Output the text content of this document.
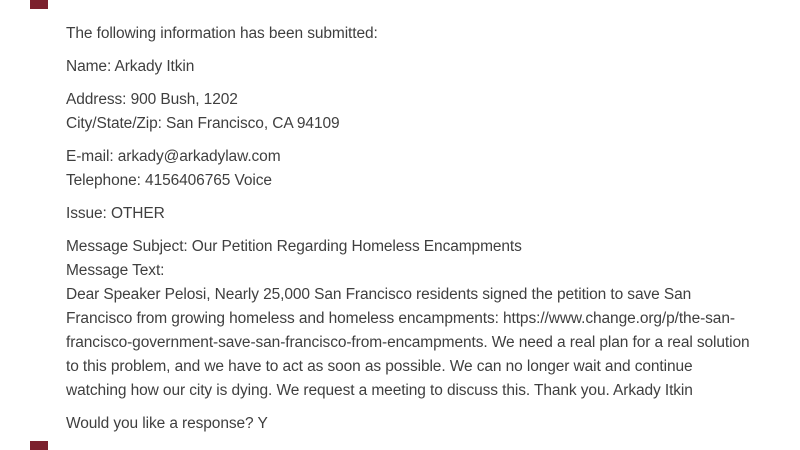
The following information has been submitted:
Name: Arkady Itkin
Address: 900 Bush, 1202
City/State/Zip: San Francisco, CA 94109
E-mail: arkady@arkadylaw.com
Telephone: 4156406765 Voice
Issue: OTHER
Message Subject: Our Petition Regarding Homeless Encampments
Message Text:
Dear Speaker Pelosi, Nearly 25,000 San Francisco residents signed the petition to save San Francisco from growing homeless and homeless encampments: https://www.change.org/p/the-san-francisco-government-save-san-francisco-from-encampments. We need a real plan for a real solution to this problem, and we have to act as soon as possible. We can no longer wait and continue watching how our city is dying. We request a meeting to discuss this. Thank you. Arkady Itkin
Would you like a response? Y
